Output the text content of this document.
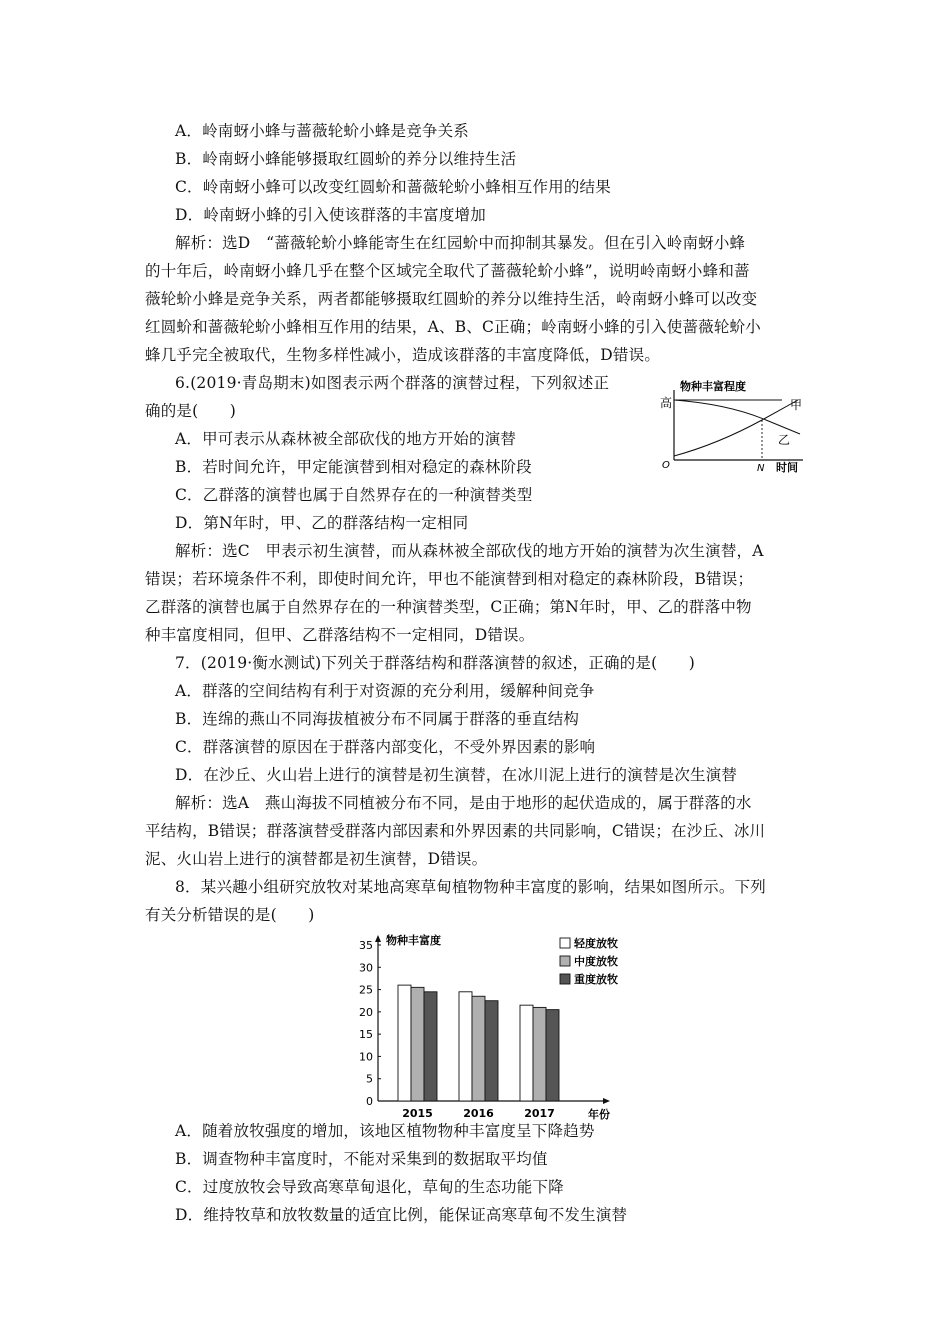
A．岭南蚜小蜂与蔷薇轮蚧小蜂是竞争关系
B．岭南蚜小蜂能够摄取红圆蚧的养分以维持生活
C．岭南蚜小蜂可以改变红圆蚧和蔷薇轮蚧小蜂相互作用的结果
D．岭南蚜小蜂的引入使该群落的丰富度增加
解析：选D　“蔷薇轮蚧小蜂能寄生在红园蚧中而抑制其暴发。但在引入岭南蚜小蜂
的十年后，岭南蚜小蜂几乎在整个区域完全取代了蔷薇轮蚧小蜂”，说明岭南蚜小蜂和蔷
薇轮蚧小蜂是竞争关系，两者都能够摄取红圆蚧的养分以维持生活，岭南蚜小蜂可以改变
红圆蚧和蔷薇轮蚧小蜂相互作用的结果，A、B、C正确；岭南蚜小蜂的引入使蔷薇轮蚧小
蜂几乎完全被取代，生物多样性减小，造成该群落的丰富度降低，D错误。
6.(2019·青岛期末)如图表示两个群落的演替过程，下列叙述正
确的是(　　)
A．甲可表示从森林被全部砍伐的地方开始的演替
B．若时间允许，甲定能演替到相对稳定的森林阶段
C．乙群落的演替也属于自然界存在的一种演替类型
D．第N年时，甲、乙的群落结构一定相同
物种丰富程度
高	甲
乙
O	N 时间
解析：选C　甲表示初生演替，而从森林被全部砍伐的地方开始的演替为次生演替，A
错误；若环境条件不利，即使时间允许，甲也不能演替到相对稳定的森林阶段，B错误；
乙群落的演替也属于自然界存在的一种演替类型，C正确；第N年时，甲、乙的群落中物
种丰富度相同，但甲、乙群落结构不一定相同，D错误。
7．(2019·衡水测试)下列关于群落结构和群落演替的叙述，正确的是(　　)
A．群落的空间结构有利于对资源的充分利用，缓解种间竞争
B．连绵的燕山不同海拔植被分布不同属于群落的垂直结构
C．群落演替的原因在于群落内部变化，不受外界因素的影响
D．在沙丘、火山岩上进行的演替是初生演替，在冰川泥上进行的演替是次生演替
解析：选A　燕山海拔不同植被分布不同，是由于地形的起伏造成的，属于群落的水
平结构，B错误；群落演替受群落内部因素和外界因素的共同影响，C错误；在沙丘、冰川
泥、火山岩上进行的演替都是初生演替，D错误。
8．某兴趣小组研究放牧对某地高寒草甸植物物种丰富度的影响，结果如图所示。下列
有关分析错误的是(　　)
物种丰富度
年份
0
5
10
15
20
25
30
35
2015	2016	2017
轻度放牧
中度放牧
重度放牧
A．随着放牧强度的增加，该地区植物物种丰富度呈下降趋势
B．调查物种丰富度时，不能对采集到的数据取平均值
C．过度放牧会导致高寒草甸退化，草甸的生态功能下降
D．维持牧草和放牧数量的适宜比例，能保证高寒草甸不发生演替
